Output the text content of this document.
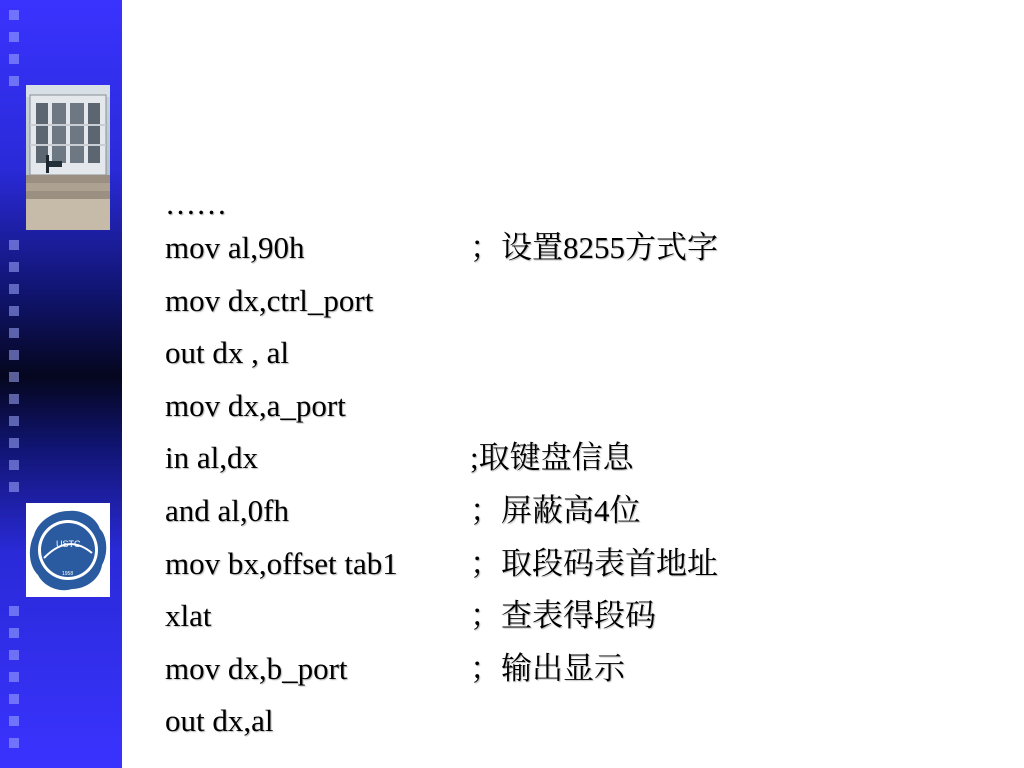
USTC
1958
……
mov al,90h	；设置8255方式字
mov dx,ctrl_port
out dx , al
mov dx,a_port
in al,dx	;取键盘信息
and al,0fh	；屏蔽高4位
mov bx,offset tab1 ；取段码表首地址
xlat	；查表得段码
mov dx,b_port	；输出显示
out dx,al
